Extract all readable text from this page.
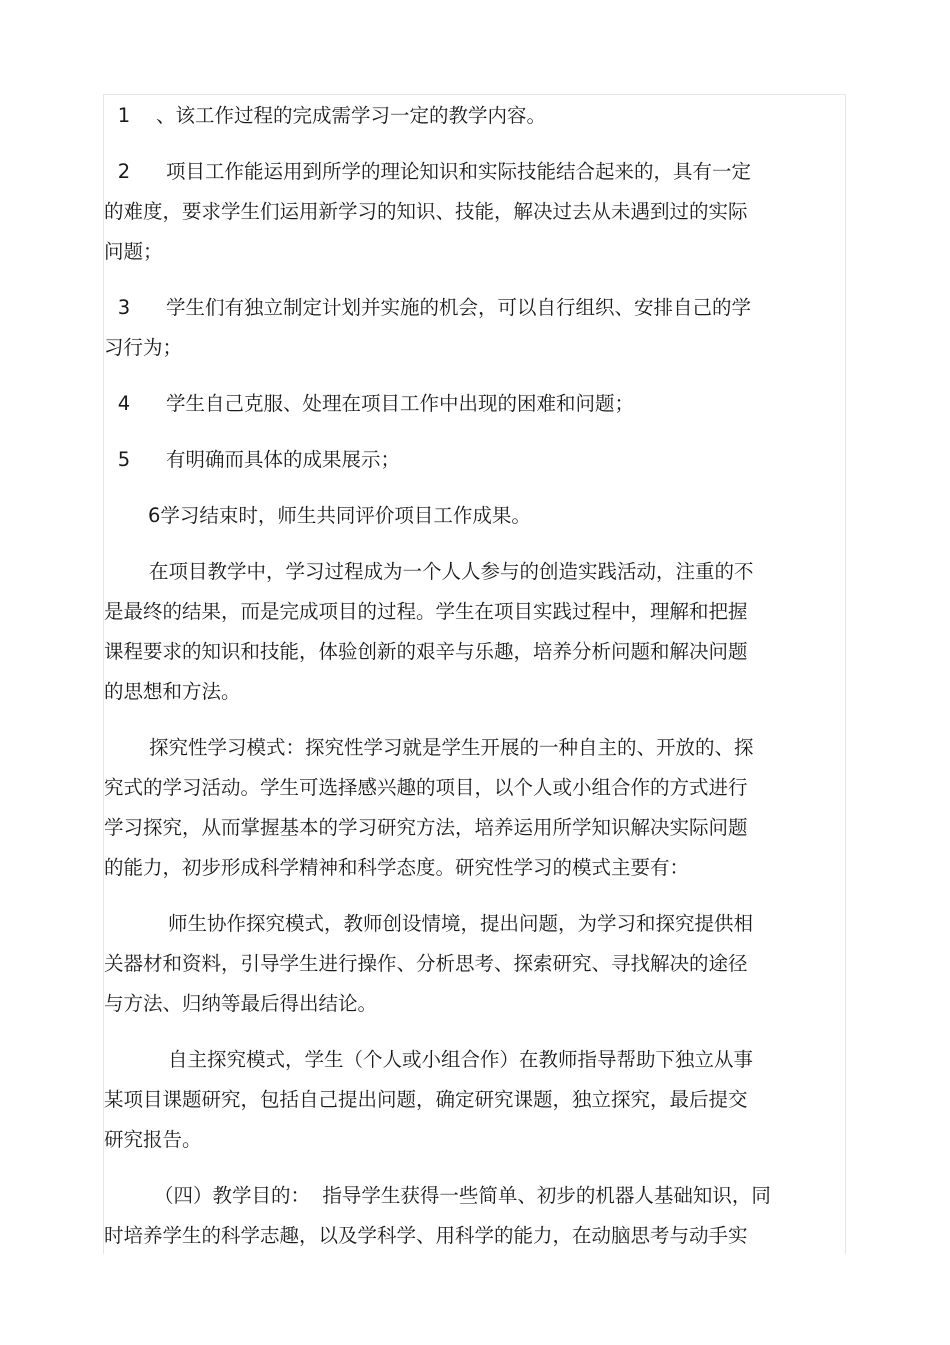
1 、该工作过程的完成需学习一定的教学内容。

2 项目工作能运用到所学的理论知识和实际技能结合起来的，具有一定
的难度，要求学生们运用新学习的知识、技能，解决过去从未遇到过的实际
问题；

3 学生们有独立制定计划并实施的机会，可以自行组织、安排自己的学
习行为；

4 学生自己克服、处理在项目工作中出现的困难和问题；

5 有明确而具体的成果展示；

6学习结束时，师生共同评价项目工作成果。

在项目教学中，学习过程成为一个人人参与的创造实践活动，注重的不
是最终的结果，而是完成项目的过程。学生在项目实践过程中，理解和把握
课程要求的知识和技能，体验创新的艰辛与乐趣，培养分析问题和解决问题
的思想和方法。

探究性学习模式：探究性学习就是学生开展的一种自主的、开放的、探
究式的学习活动。学生可选择感兴趣的项目，以个人或小组合作的方式进行
学习探究，从而掌握基本的学习研究方法，培养运用所学知识解决实际问题
的能力，初步形成科学精神和科学态度。研究性学习的模式主要有：

师生协作探究模式，教师创设情境，提出问题，为学习和探究提供相
关器材和资料，引导学生进行操作、分析思考、探索研究、寻找解决的途径
与方法、归纳等最后得出结论。

自主探究模式，学生（个人或小组合作）在教师指导帮助下独立从事
某项目课题研究，包括自己提出问题，确定研究课题，独立探究，最后提交
研究报告。

（四）教学目的：  指导学生获得一些简单、初步的机器人基础知识，同
时培养学生的科学志趣，以及学科学、用科学的能力，在动脑思考与动手实
